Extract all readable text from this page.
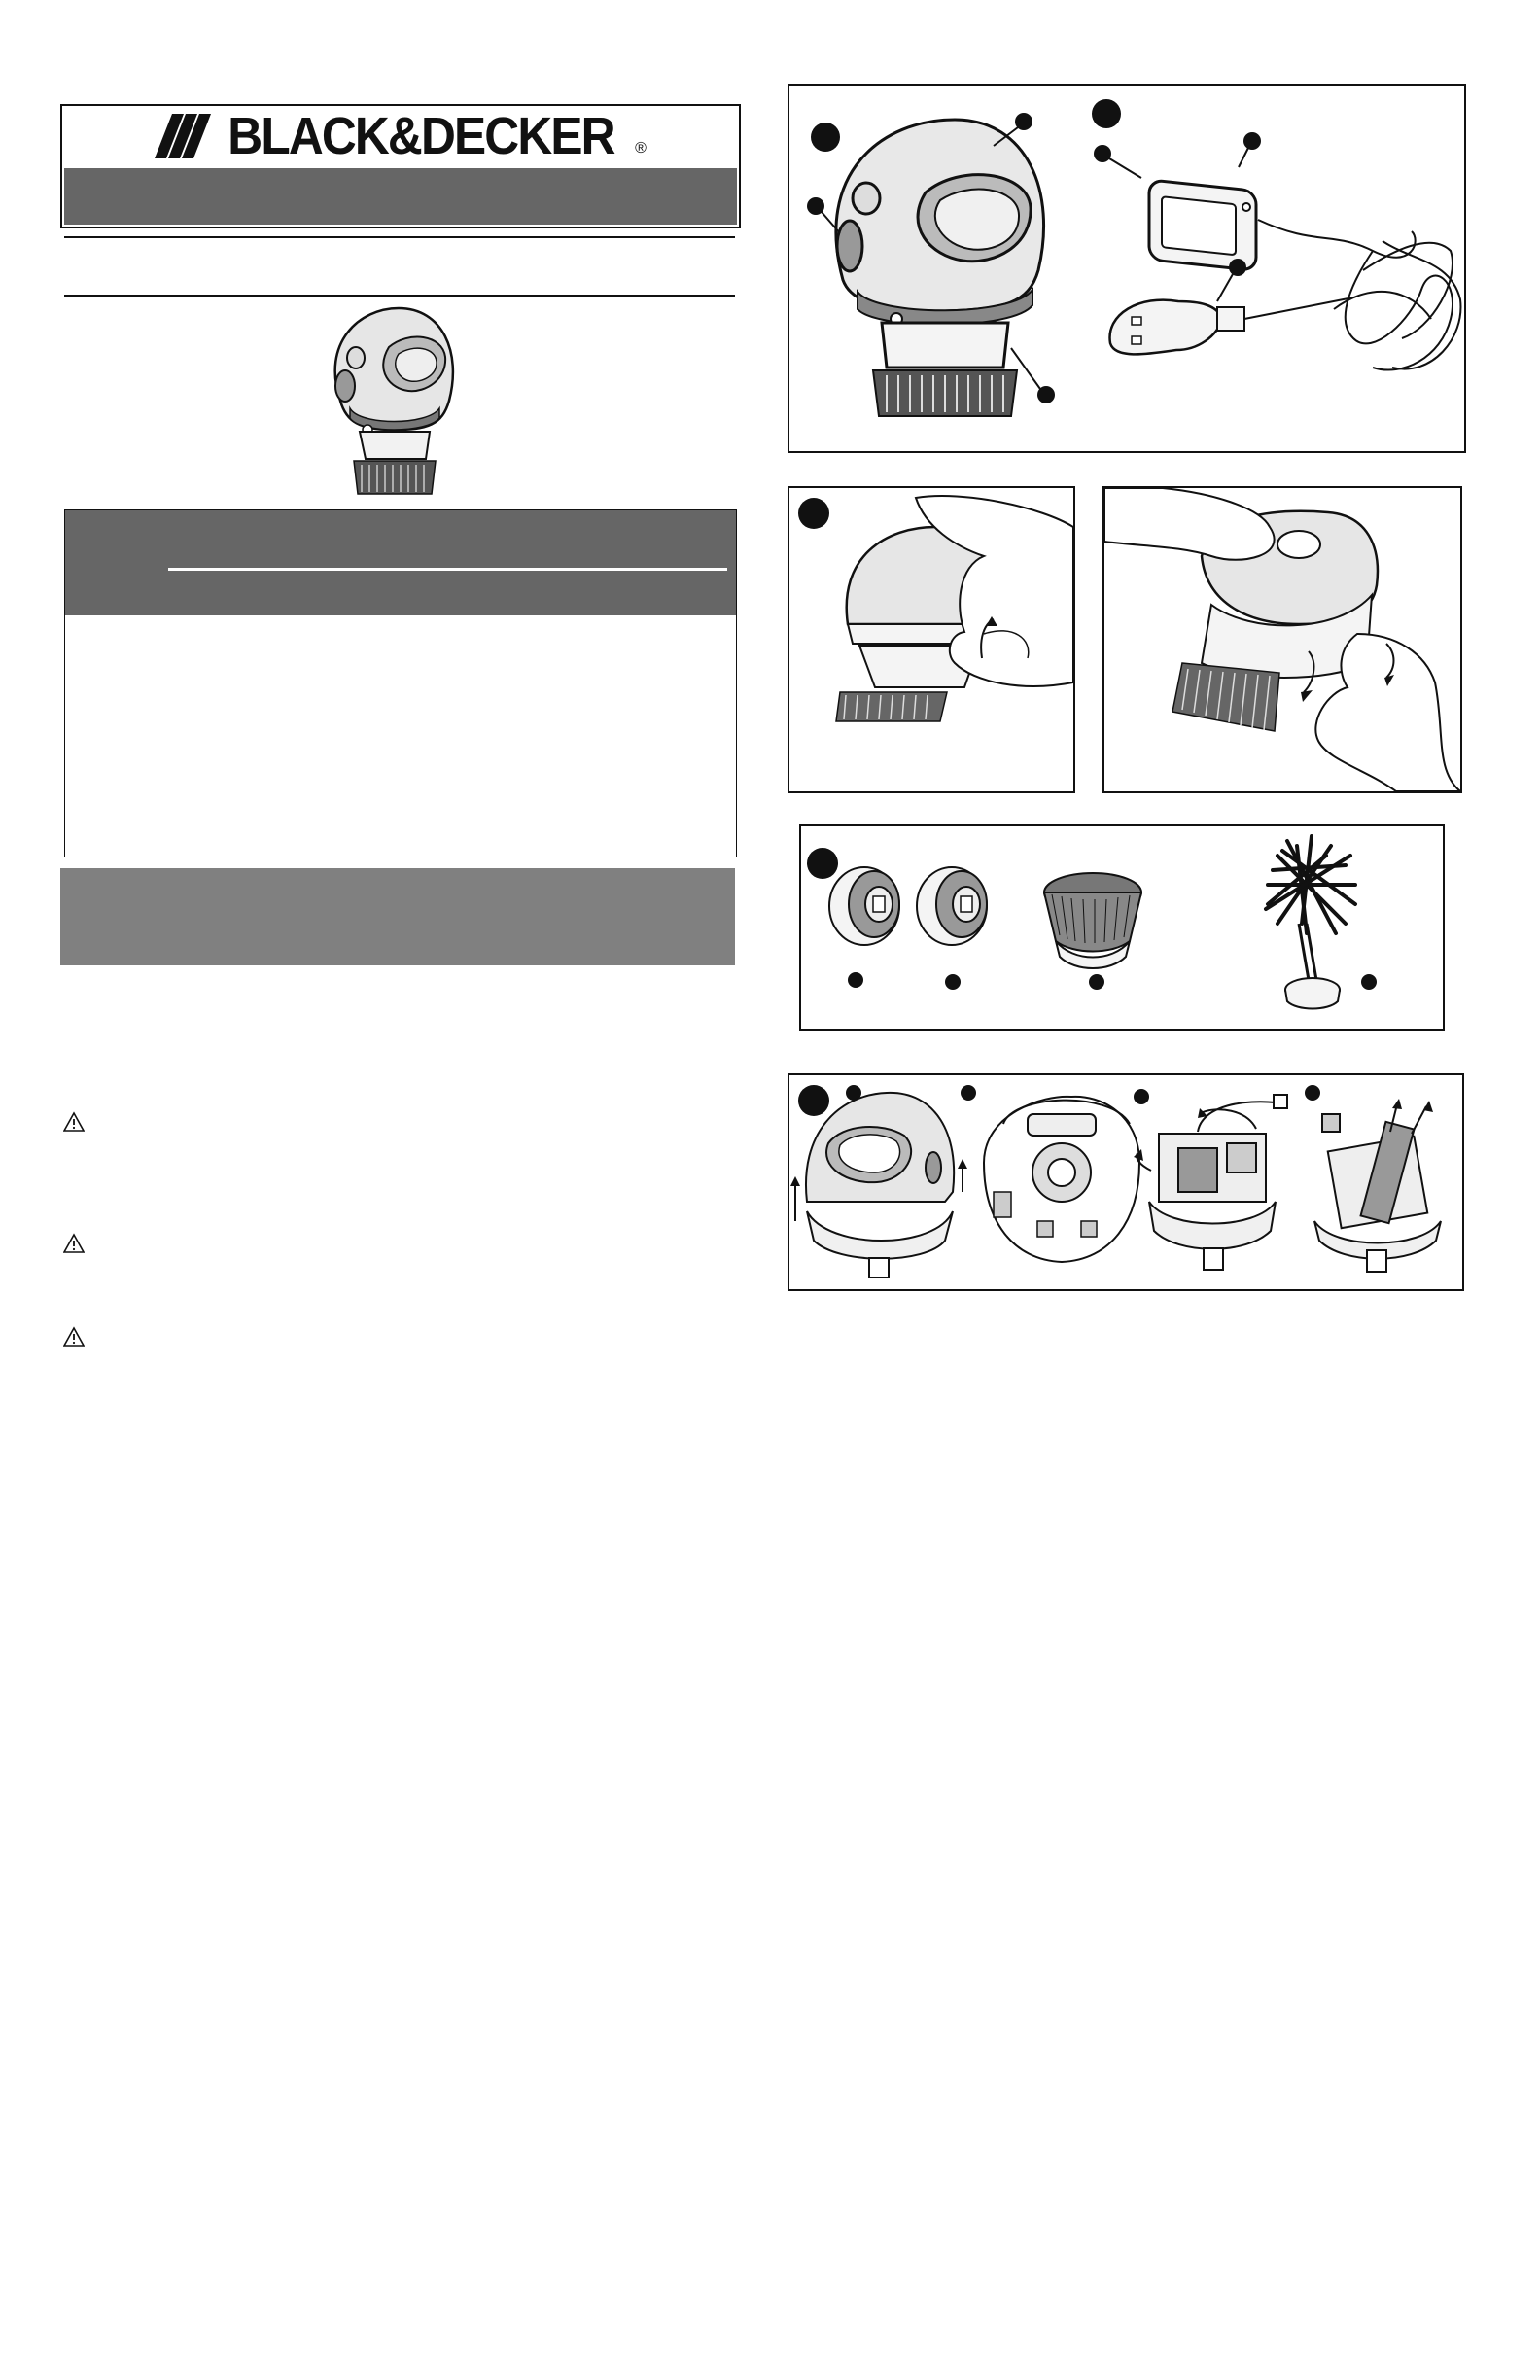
BLACK&DECKER ®
